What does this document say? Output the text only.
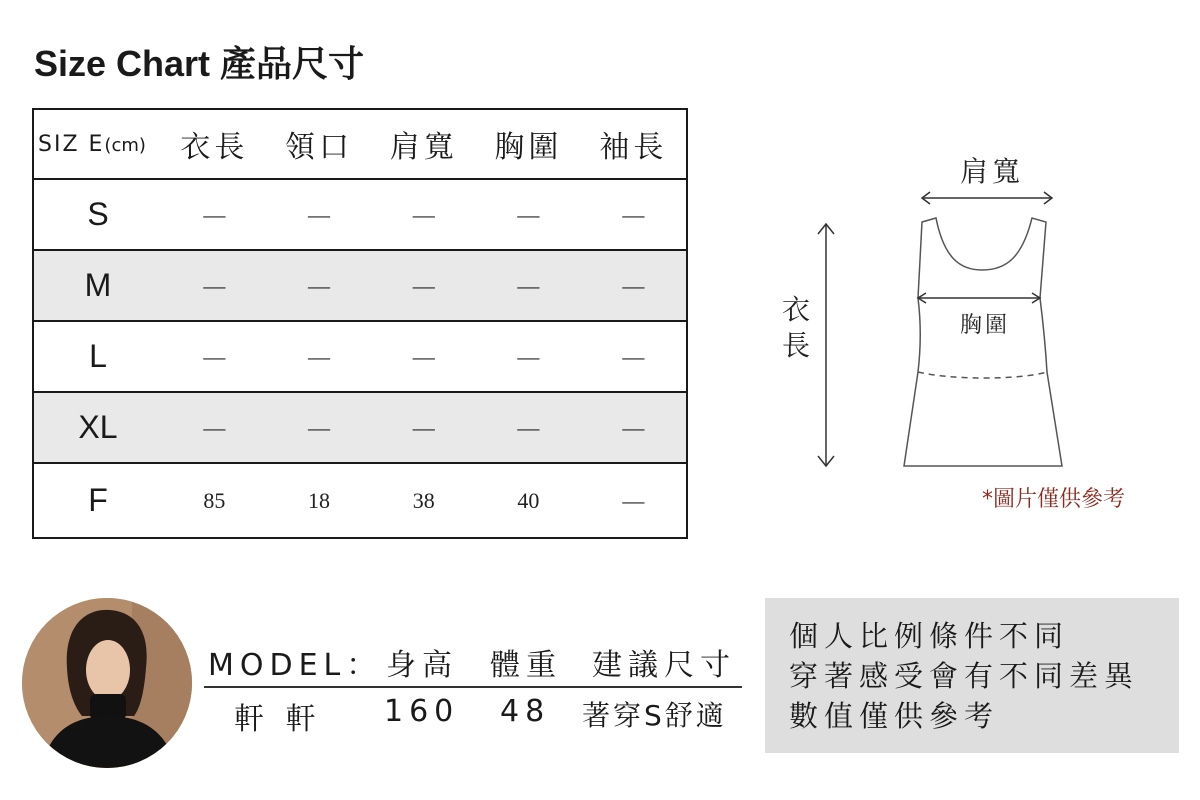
Size Chart 產品尺寸
SIZ E(cm)	衣長	領口	肩寬	胸圍	袖長
S	—	—	—	—	—
M	—	—	—	—	—
L	—	—	—	—	—
XL	—	—	—	—	—
F	85	18	38	40	—
肩寬
衣長
胸圍
*圖片僅供參考
MODEL： 身高 體重 建議尺寸
軒 軒 160 48 著穿S舒適
個人比例條件不同
穿著感受會有不同差異
數值僅供參考
